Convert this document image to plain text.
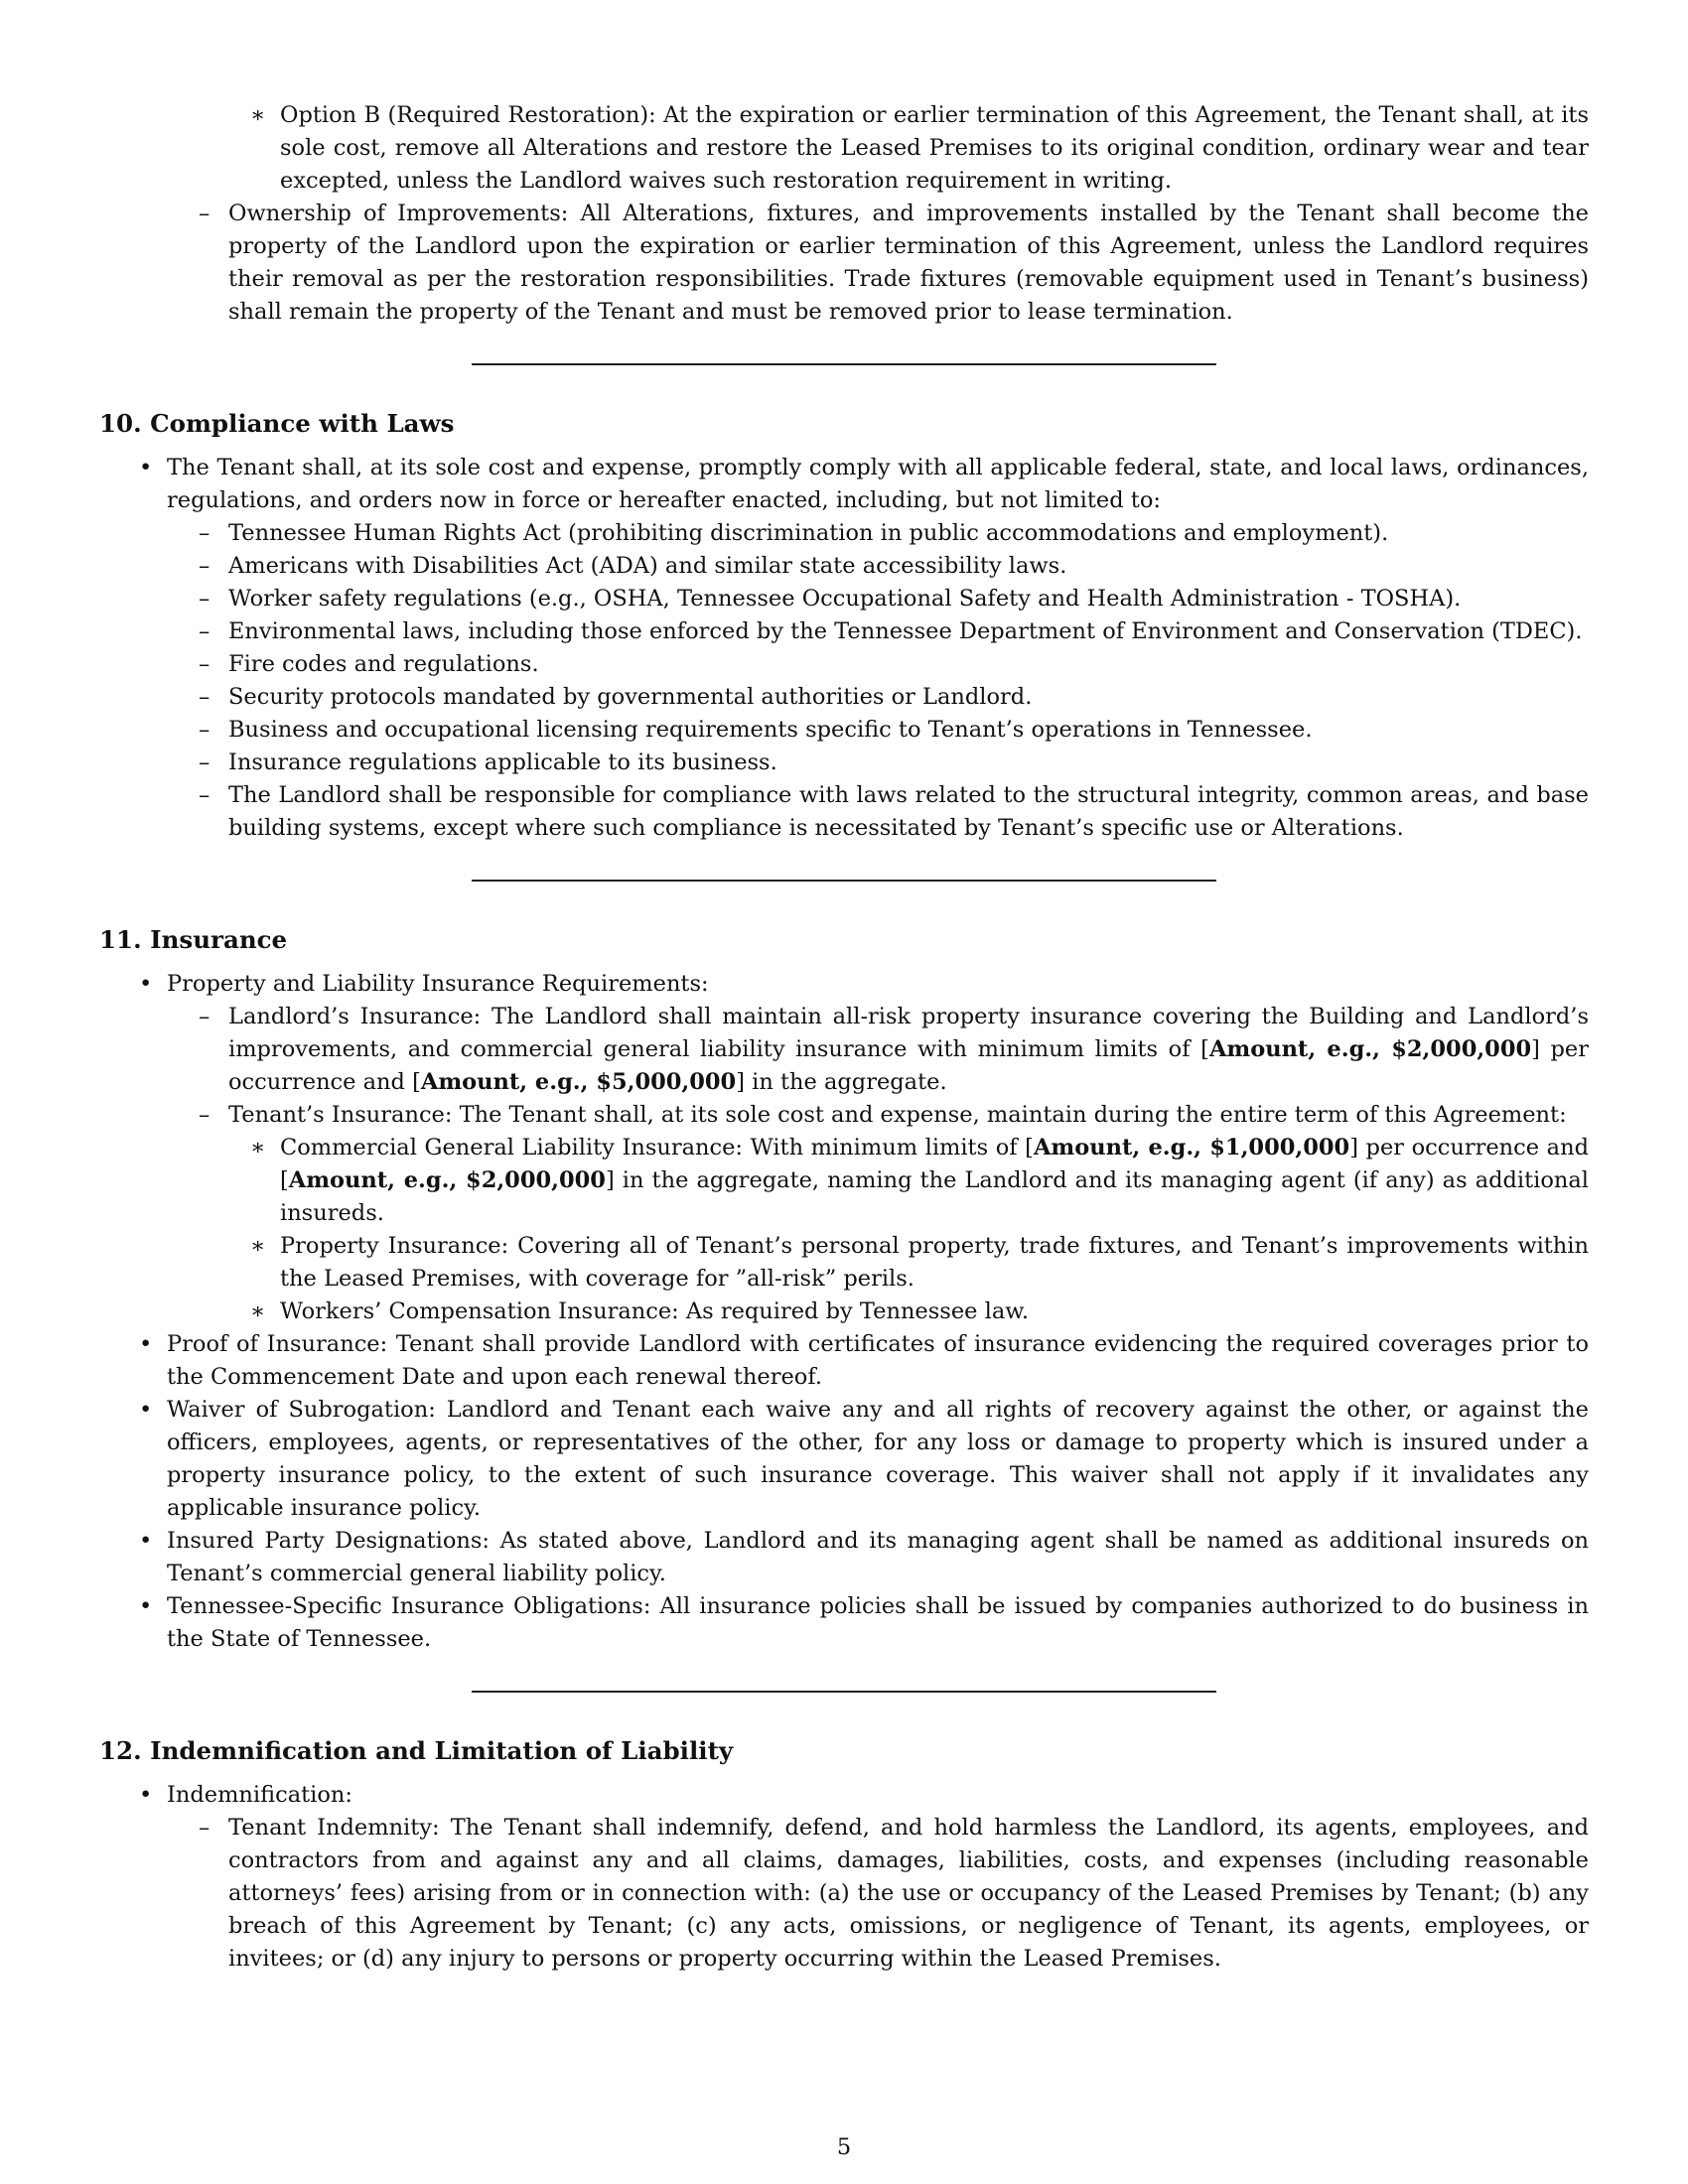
∗ Option B (Required Restoration): At the expiration or earlier termination of this Agreement, the Tenant shall, at its sole cost, remove all Alterations and restore the Leased Premises to its original condition, ordinary wear and tear excepted, unless the Landlord waives such restoration requirement in writing.
– Ownership of Improvements: All Alterations, fixtures, and improvements installed by the Tenant shall become the property of the Landlord upon the expiration or earlier termination of this Agreement, unless the Landlord requires their removal as per the restoration responsibilities. Trade fixtures (removable equipment used in Tenant’s business) shall remain the property of the Tenant and must be removed prior to lease termination.
10. Compliance with Laws
• The Tenant shall, at its sole cost and expense, promptly comply with all applicable federal, state, and local laws, ordinances, regulations, and orders now in force or hereafter enacted, including, but not limited to:
– Tennessee Human Rights Act (prohibiting discrimination in public accommodations and employment).
– Americans with Disabilities Act (ADA) and similar state accessibility laws.
– Worker safety regulations (e.g., OSHA, Tennessee Occupational Safety and Health Administration - TOSHA).
– Environmental laws, including those enforced by the Tennessee Department of Environment and Conservation (TDEC).
– Fire codes and regulations.
– Security protocols mandated by governmental authorities or Landlord.
– Business and occupational licensing requirements specific to Tenant’s operations in Tennessee.
– Insurance regulations applicable to its business.
– The Landlord shall be responsible for compliance with laws related to the structural integrity, common areas, and base building systems, except where such compliance is necessitated by Tenant’s specific use or Alterations.
11. Insurance
• Property and Liability Insurance Requirements:
– Landlord’s Insurance: The Landlord shall maintain all-risk property insurance covering the Building and Landlord’s improvements, and commercial general liability insurance with minimum limits of [Amount, e.g., $2,000,000] per occurrence and [Amount, e.g., $5,000,000] in the aggregate.
– Tenant’s Insurance: The Tenant shall, at its sole cost and expense, maintain during the entire term of this Agreement:
∗ Commercial General Liability Insurance: With minimum limits of [Amount, e.g., $1,000,000] per occurrence and [Amount, e.g., $2,000,000] in the aggregate, naming the Landlord and its managing agent (if any) as additional insureds.
∗ Property Insurance: Covering all of Tenant’s personal property, trade fixtures, and Tenant’s improvements within the Leased Premises, with coverage for ”all-risk” perils.
∗ Workers’ Compensation Insurance: As required by Tennessee law.
• Proof of Insurance: Tenant shall provide Landlord with certificates of insurance evidencing the required coverages prior to the Commencement Date and upon each renewal thereof.
• Waiver of Subrogation: Landlord and Tenant each waive any and all rights of recovery against the other, or against the officers, employees, agents, or representatives of the other, for any loss or damage to property which is insured under a property insurance policy, to the extent of such insurance coverage. This waiver shall not apply if it invalidates any applicable insurance policy.
• Insured Party Designations: As stated above, Landlord and its managing agent shall be named as additional insureds on Tenant’s commercial general liability policy.
• Tennessee-Specific Insurance Obligations: All insurance policies shall be issued by companies authorized to do business in the State of Tennessee.
12. Indemnification and Limitation of Liability
• Indemnification:
– Tenant Indemnity: The Tenant shall indemnify, defend, and hold harmless the Landlord, its agents, employees, and contractors from and against any and all claims, damages, liabilities, costs, and expenses (including reasonable attorneys’ fees) arising from or in connection with: (a) the use or occupancy of the Leased Premises by Tenant; (b) any breach of this Agreement by Tenant; (c) any acts, omissions, or negligence of Tenant, its agents, employees, or invitees; or (d) any injury to persons or property occurring within the Leased Premises.
5
